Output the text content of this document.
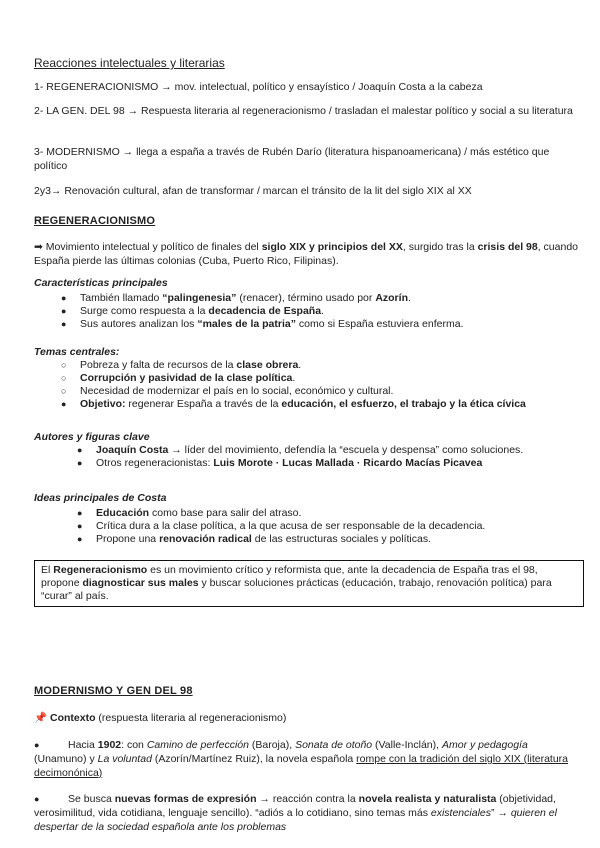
Reacciones intelectuales y literarias
1- REGENERACIONISMO → mov. intelectual, político y ensayístico / Joaquín Costa a la cabeza
2- LA GEN. DEL 98 → Respuesta literaria al regeneracionismo / trasladan el malestar político y social a su literatura
3- MODERNISMO → llega a españa a través de Rubén Darío (literatura hispanoamericana) / más estético que político
2y3→ Renovación cultural, afan de transformar / marcan el tránsito de la lit del siglo XIX al XX
REGENERACIONISMO
➡ Movimiento intelectual y político de finales del siglo XIX y principios del XX, surgido tras la crisis del 98, cuando España pierde las últimas colonias (Cuba, Puerto Rico, Filipinas).
Características principales
● También llamado “palingenesia” (renacer), término usado por Azorín.
● Surge como respuesta a la decadencia de España.
● Sus autores analizan los “males de la patria” como si España estuviera enferma.
Temas centrales:
○ Pobreza y falta de recursos de la clase obrera.
○ Corrupción y pasividad de la clase política.
○ Necesidad de modernizar el país en lo social, económico y cultural.
● Objetivo: regenerar España a través de la educación, el esfuerzo, el trabajo y la ética cívica
Autores y figuras clave
● Joaquín Costa → líder del movimiento, defendía la “escuela y despensa” como soluciones.
● Otros regeneracionistas: Luis Morote · Lucas Mallada · Ricardo Macías Picavea
Ideas principales de Costa
● Educación como base para salir del atraso.
● Crítica dura a la clase política, a la que acusa de ser responsable de la decadencia.
● Propone una renovación radical de las estructuras sociales y políticas.
El Regeneracionismo es un movimiento crítico y reformista que, ante la decadencia de España tras el 98, propone diagnosticar sus males y buscar soluciones prácticas (educación, trabajo, renovación política) para “curar” al país.
MODERNISMO Y GEN DEL 98
📌 Contexto (respuesta literaria al regeneracionismo)
●	Hacia 1902: con Camino de perfección (Baroja), Sonata de otoño (Valle-Inclán), Amor y pedagogía (Unamuno) y La voluntad (Azorín/Martínez Ruiz), la novela española rompe con la tradición del siglo XIX (literatura decimonónica)
●	Se busca nuevas formas de expresión → reacción contra la novela realista y naturalista (objetividad, verosimilitud, vida cotidiana, lenguaje sencillo). “adiós a lo cotidiano, sino temas más existenciales” → quieren el despertar de la sociedad española ante los problemas
